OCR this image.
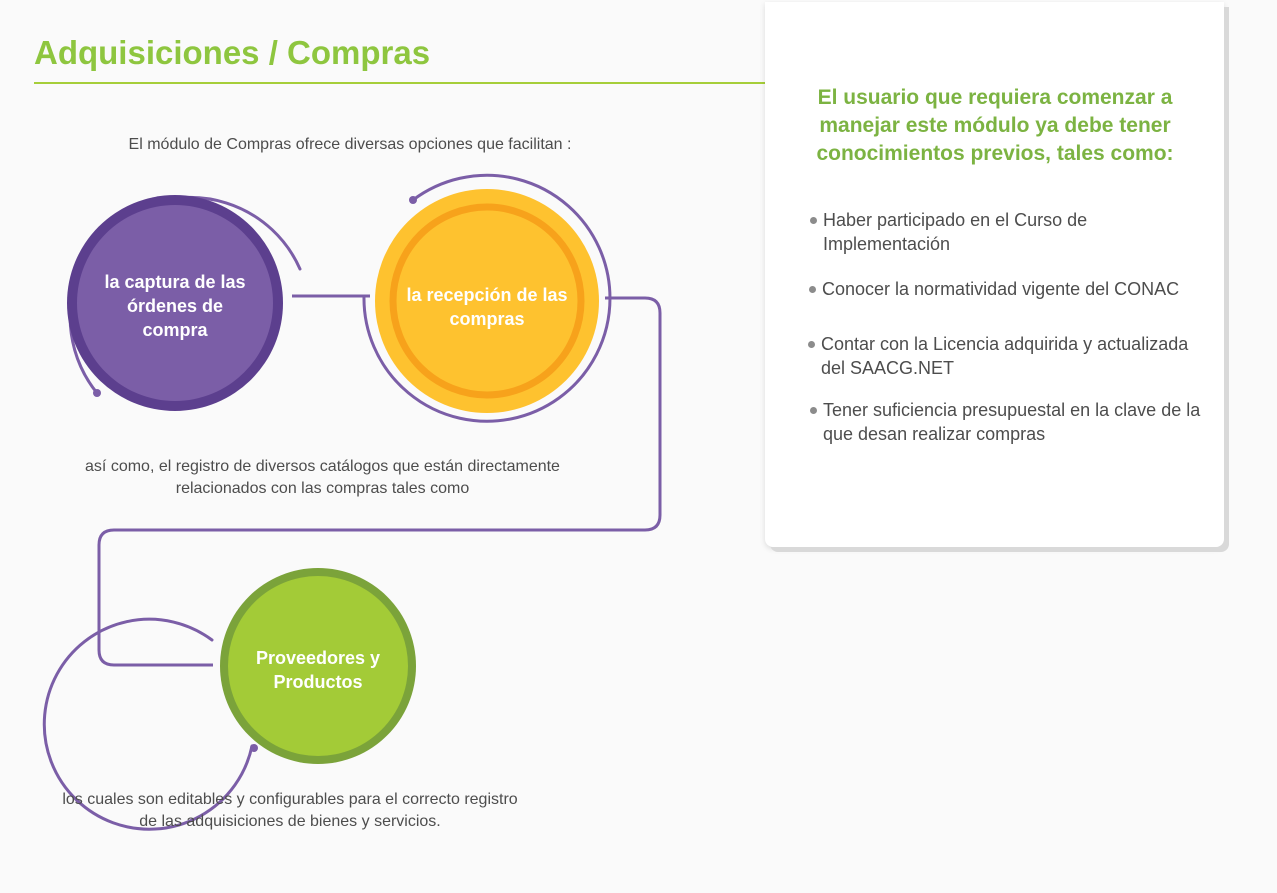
Adquisiciones / Compras
El módulo de Compras ofrece diversas opciones que facilitan :
la captura de las órdenes de compra
la recepción de las compras
Proveedores y Productos
así como, el registro de diversos catálogos que están directamente relacionados con las compras tales como
los cuales son editables y configurables para el correcto registro de las adquisiciones de bienes y servicios.
El usuario que requiera comenzar a manejar este módulo ya debe tener conocimientos previos, tales como:
Haber participado en el Curso de Implementación
Conocer la normatividad vigente del CONAC
Contar con la Licencia adquirida y actualizada del SAACG.NET
Tener suficiencia presupuestal en la clave de la que desan realizar compras
